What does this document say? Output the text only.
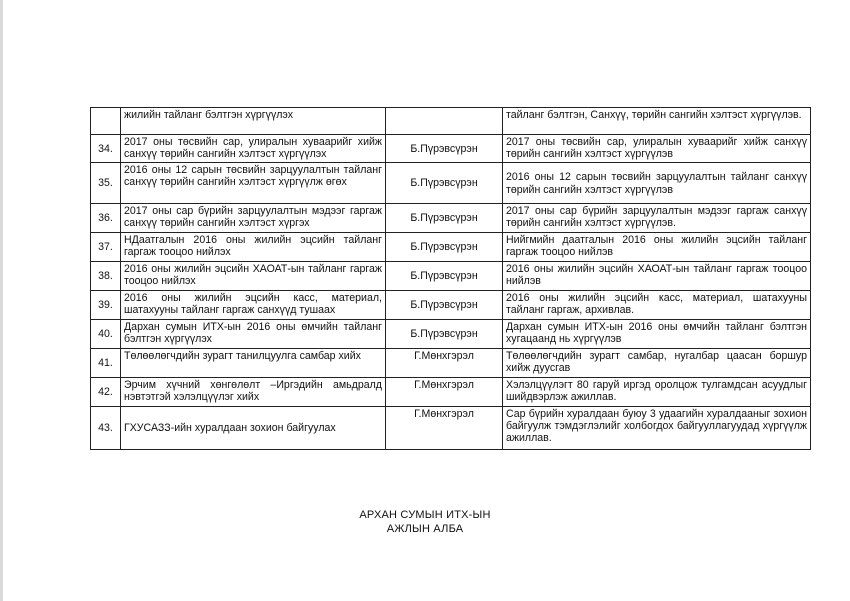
	жилийн тайланг бэлтгэн хүргүүлэх		тайланг бэлтгэн, Санхүү, төрийн сангийн хэлтэст хүргүүлэв.
34.	2017 оны төсвийн сар, улиралын хуваарийг хийж санхүү төрийн сангийн хэлтэст хүргүүлэх	Б.Пүрэвсүрэн	2017 оны төсвийн сар, улиралын хуваарийг хийж санхүү төрийн сангийн хэлтэст хүргүүлэв
35.	2016 оны 12 сарын төсвийн зарцуулалтын тайланг санхүү төрийн сангийн хэлтэст хүргүүлж өгөх	Б.Пүрэвсүрэн	2016 оны 12 сарын төсвийн зарцуулалтын тайланг санхүү төрийн сангийн хэлтэст хүргүүлэв
36.	2017 оны сар бүрийн зарцуулалтын мэдээг гаргаж санхүү төрийн сангийн хэлтэст хүргэх	Б.Пүрэвсүрэн	2017 оны сар бүрийн зарцуулалтын мэдээг гаргаж санхүү төрийн сангийн хэлтэст хүргүүлэв.
37.	НДаатгалын 2016 оны жилийн эцсийн тайланг гаргаж тооцоо нийлэх	Б.Пүрэвсүрэн	Нийгмийн даатгалын 2016 оны жилийн эцсийн тайланг гаргаж тооцоо нийлэв
38.	2016 оны жилийн эцсийн ХАОАТ-ын тайланг гаргаж тооцоо нийлэх	Б.Пүрэвсүрэн	2016 оны жилийн эцсийн ХАОАТ-ын тайланг гаргаж тооцоо нийлэв
39.	2016 оны жилийн эцсийн касс, материал, шатахууны тайланг гаргаж санхүүд тушаах	Б.Пүрэвсүрэн	2016 оны жилийн эцсийн касс, материал, шатахууны тайланг гаргаж, архивлав.
40.	Дархан сумын ИТХ-ын 2016 оны өмчийн тайланг бэлтгэн хүргүүлэх	Б.Пүрэвсүрэн	Дархан сумын ИТХ-ын 2016 оны өмчийн тайланг бэлтгэн хугацаанд нь хүргүүлэв
41.	Төлөөлөгчдийн зурагт танилцуулга самбар хийх	Г.Мөнхгэрэл	Төлөөлөгчдийн зурагт самбар, нугалбар цаасан боршур хийж дуусгав
42.	Эрчим хүчний хөнгөлөлт –Иргэдийн амьдралд нэвтэтгэй хэлэлцүүлэг хийх	Г.Мөнхгэрэл	Хэлэлцүүлэгт 80 гаруй иргэд оролцож тулгамдсан асуудлыг шийдвэрлэж ажиллав.
43.	ГХУСАЗЗ-ийн хуралдаан зохион байгуулах	Г.Мөнхгэрэл	Сар бүрийн хуралдаан буюу 3 удаагийн хуралдааныг зохион байгуулж тэмдэглэлийг холбогдох байгууллагуудад хүргүүлж ажиллав.
АРХАН СУМЫН ИТХ-ЫН
АЖЛЫН АЛБА
